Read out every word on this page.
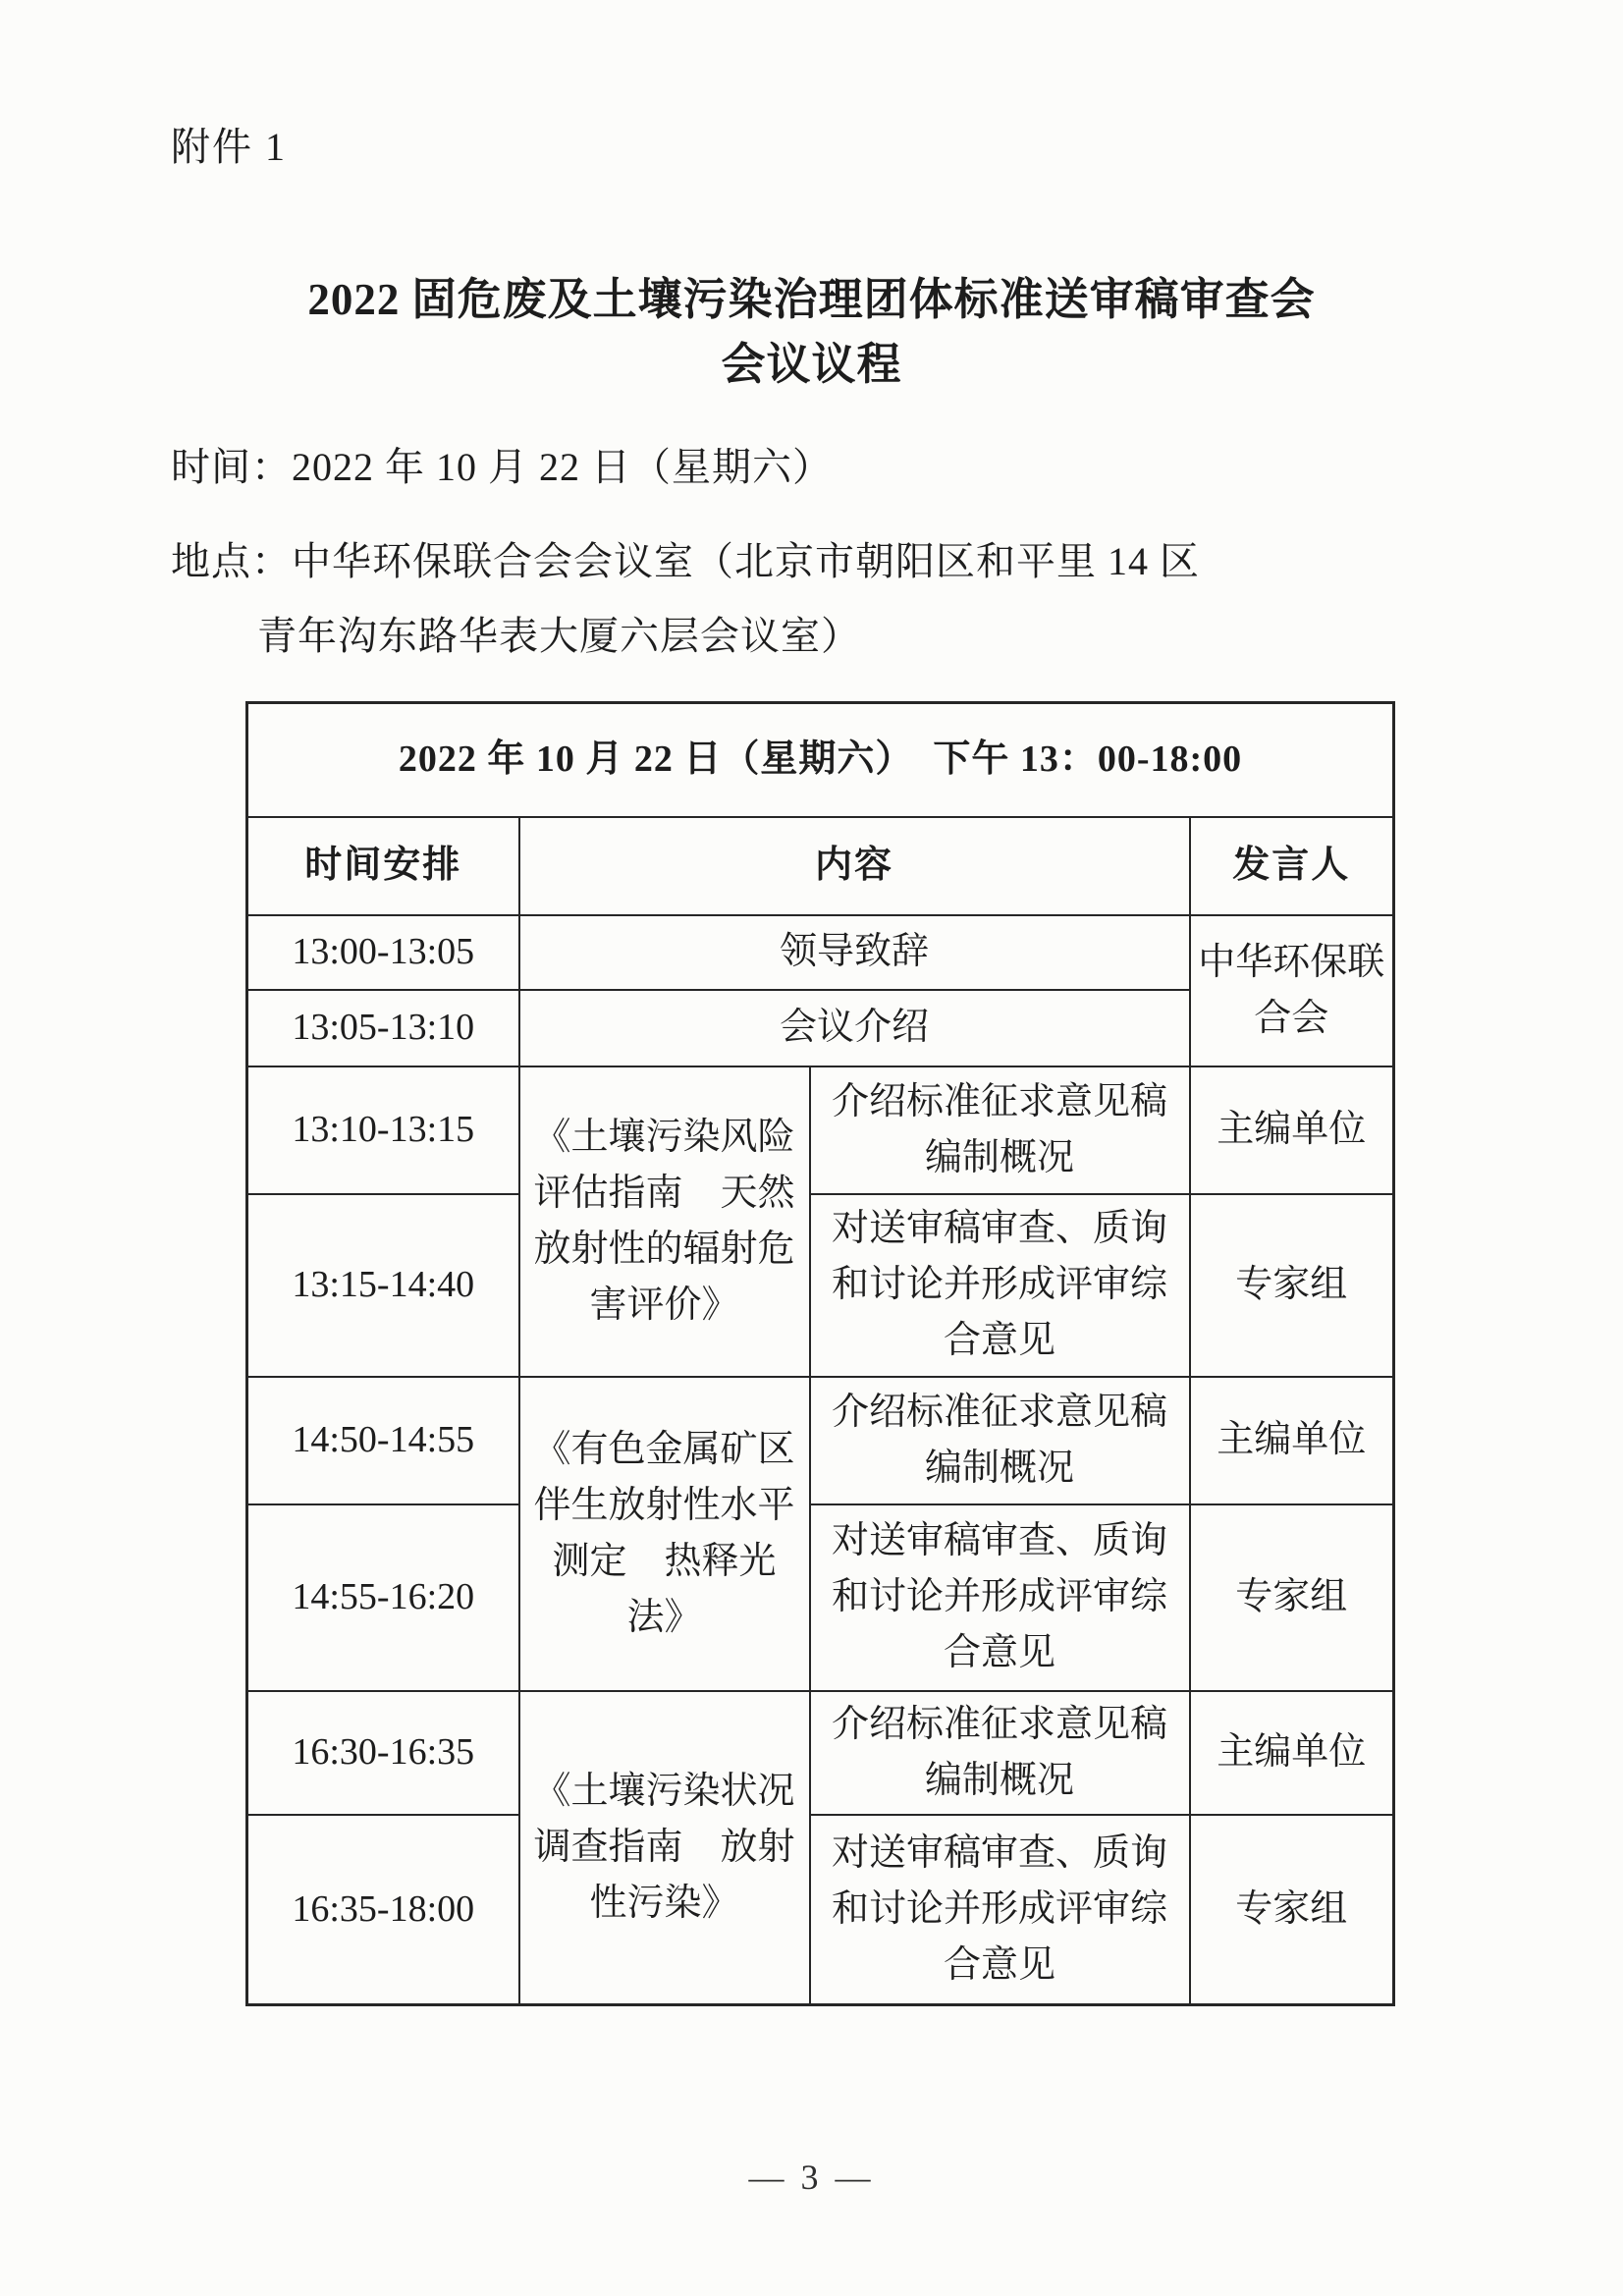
附件 1
2022 固危废及土壤污染治理团体标准送审稿审查会
会议议程
时间：2022 年 10 月 22 日（星期六）
地点：中华环保联合会会议室（北京市朝阳区和平里 14 区
青年沟东路华表大厦六层会议室）
2022 年 10 月 22 日（星期六）　下午 13：00-18:00			
时间安排	内容		发言人
13:00-13:05	领导致辞		中华环保联合会
13:05-13:10	会议介绍		
13:10-13:15	《土壤污染风险评估指南　天然放射性的辐射危害评价》	介绍标准征求意见稿编制概况	主编单位
13:15-14:40		对送审稿审查、质询和讨论并形成评审综合意见	专家组
14:50-14:55	《有色金属矿区伴生放射性水平测定　热释光法》	介绍标准征求意见稿编制概况	主编单位
14:55-16:20		对送审稿审查、质询和讨论并形成评审综合意见	专家组
16:30-16:35	《土壤污染状况调查指南　放射性污染》	介绍标准征求意见稿编制概况	主编单位
16:35-18:00		对送审稿审查、质询和讨论并形成评审综合意见	专家组
— 3 —
